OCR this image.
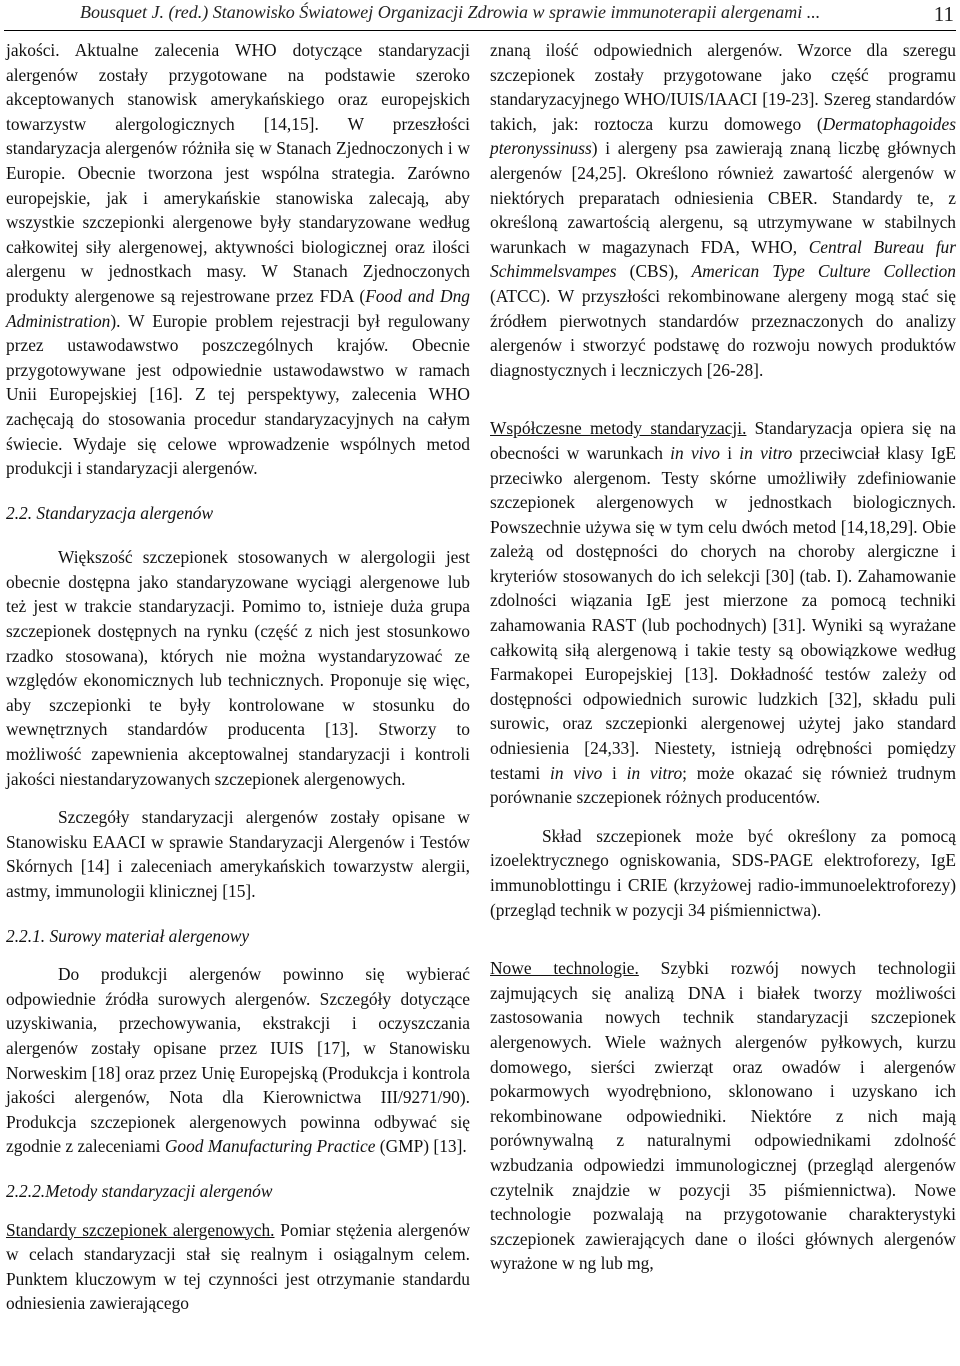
Bousquet J. (red.) Stanowisko Światowej Organizacji Zdrowia w sprawie immunoterapii alergenami ...	11

jakości. Aktualne zalecenia WHO dotyczące standaryzacji alergenów zostały przygotowane na podstawie szeroko akceptowanych stanowisk amerykańskiego oraz europejskich towarzystw alergologicznych [14,15]. W przeszłości standaryzacja alergenów różniła się w Stanach Zjednoczonych i w Europie. Obecnie tworzona jest wspólna strategia. Zarówno europejskie, jak i amerykańskie stanowiska zalecają, aby wszystkie szczepionki alergenowe były standaryzowane według całkowitej siły alergenowej, aktywności biologicznej oraz ilości alergenu w jednostkach masy. W Stanach Zjednoczonych produkty alergenowe są rejestrowane przez FDA (Food and Dng Administration). W Europie problem rejestracji był regulowany przez ustawodawstwo poszczególnych krajów. Obecnie przygotowywane jest odpowiednie ustawodawstwo w ramach Unii Europejskiej [16]. Z tej perspektywy, zalecenia WHO zachęcają do stosowania procedur standaryzacyjnych na całym świecie. Wydaje się celowe wprowadzenie wspólnych metod produkcji i standaryzacji alergenów.

2.2. Standaryzacja alergenów

Większość szczepionek stosowanych w alergologii jest obecnie dostępna jako standaryzowane wyciągi alergenowe lub też jest w trakcie standaryzacji. Pomimo to, istnieje duża grupa szczepionek dostępnych na rynku (część z nich jest stosunkowo rzadko stosowana), których nie można wystandaryzować ze względów ekonomicznych lub technicznych. Proponuje się więc, aby szczepionki te były kontrolowane w stosunku do wewnętrznych standardów producenta [13]. Stworzy to możliwość zapewnienia akceptowalnej standaryzacji i kontroli jakości niestandaryzowanych szczepionek alergenowych.

Szczegóły standaryzacji alergenów zostały opisane w Stanowisku EAACI w sprawie Standaryzacji Alergenów i Testów Skórnych [14] i zaleceniach amerykańskich towarzystw alergii, astmy, immunologii klinicznej [15].

2.2.1. Surowy materiał alergenowy

Do produkcji alergenów powinno się wybierać odpowiednie źródła surowych alergenów. Szczegóły dotyczące uzyskiwania, przechowywania, ekstrakcji i oczyszczania alergenów zostały opisane przez IUIS [17], w Stanowisku Norweskim [18] oraz przez Unię Europejską (Produkcja i kontrola jakości alergenów, Nota dla Kierownictwa III/9271/90). Produkcja szczepionek alergenowych powinna odbywać się zgodnie z zaleceniami Good Manufacturing Practice (GMP) [13].

2.2.2.Metody standaryzacji alergenów

Standardy szczepionek alergenowych. Pomiar stężenia alergenów w celach standaryzacji stał się realnym i osiągalnym celem. Punktem kluczowym w tej czynności jest otrzymanie standardu odniesienia zawierającego

znaną ilość odpowiednich alergenów. Wzorce dla szeregu szczepionek zostały przygotowane jako część programu standaryzacyjnego WHO/IUIS/IAACI [19-23]. Szereg standardów takich, jak: roztocza kurzu domowego (Dermatophagoides pteronyssinuss) i alergeny psa zawierają znaną liczbę głównych alergenów [24,25]. Określono również zawartość alergenów w niektórych preparatach odniesienia CBER. Standardy te, z określoną zawartością alergenu, są utrzymywane w stabilnych warunkach w magazynach FDA, WHO, Central Bureau fur Schimmelsvampes (CBS), American Type Culture Collection (ATCC). W przyszłości rekombinowane alergeny mogą stać się źródłem pierwotnych standardów przeznaczonych do analizy alergenów i stworzyć podstawę do rozwoju nowych produktów diagnostycznych i leczniczych [26-28].

Współczesne metody standaryzacji. Standaryzacja opiera się na obecności w warunkach in vivo i in vitro przeciwciał klasy IgE przeciwko alergenom. Testy skórne umożliwiły zdefiniowanie szczepionek alergenowych w jednostkach biologicznych. Powszechnie używa się w tym celu dwóch metod [14,18,29]. Obie zależą od dostępności do chorych na choroby alergiczne i kryteriów stosowanych do ich selekcji [30] (tab. I). Zahamowanie zdolności wiązania IgE jest mierzone za pomocą techniki zahamowania RAST (lub pochodnych) [31]. Wyniki są wyrażane całkowitą siłą alergenową i takie testy są obowiązkowe według Farmakopei Europejskiej [13]. Dokładność testów zależy od dostępności odpowiednich surowic ludzkich [32], składu puli surowic, oraz szczepionki alergenowej użytej jako standard odniesienia [24,33]. Niestety, istnieją odrębności pomiędzy testami in vivo i in vitro; może okazać się również trudnym porównanie szczepionek różnych producentów.

Skład szczepionek może być określony za pomocą izoelektrycznego ogniskowania, SDS-PAGE elektroforezy, IgE immunoblottingu i CRIE (krzyżowej radio-immunoelektroforezy) (przegląd technik w pozycji 34 piśmiennictwa).

Nowe technologie. Szybki rozwój nowych technologii zajmujących się analizą DNA i białek tworzy możliwości zastosowania nowych technik standaryzacji szczepionek alergenowych. Wiele ważnych alergenów pyłkowych, kurzu domowego, sierści zwierząt oraz owadów i alergenów pokarmowych wyodrębniono, sklonowano i uzyskano ich rekombinowane odpowiedniki. Niektóre z nich mają porównywalną z naturalnymi odpowiednikami zdolność wzbudzania odpowiedzi immunologicznej (przegląd alergenów czytelnik znajdzie w pozycji 35 piśmiennictwa). Nowe technologie pozwalają na przygotowanie charakterystyki szczepionek zawierających dane o ilości głównych alergenów wyrażone w ng lub mg,
